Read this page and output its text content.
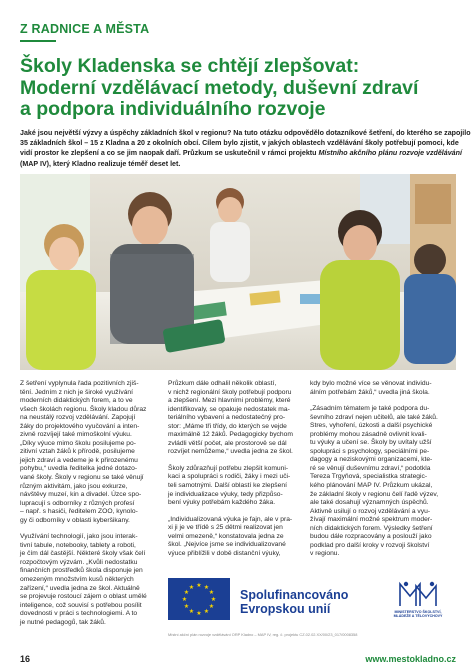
Z RADNICE A MĚSTA
Školy Kladenska se chtějí zlepšovat:
Moderní vzdělávací metody, duševní zdraví
a podpora individuálního rozvoje
Jaké jsou největší výzvy a úspěchy základních škol v regionu? Na tuto otázku odpovědělo dotazníkové šetření, do kterého se zapojilo
35 základních škol – 15 z Kladna a 20 z okolních obcí. Cílem bylo zjistit, v jakých oblastech vzdělávání školy potřebují pomoci, kde
vidí prostor ke zlepšení a co se jim naopak daří. Průzkum se uskutečnil v rámci projektu Místního akčního plánu rozvoje vzdělávání
(MAP IV), který Kladno realizuje téměř deset let.

Z šetření vyplynula řada pozitivních zjiš-
tění. Jedním z nich je široké využívání
moderních didaktických forem, a to ve
všech školách regionu. Školy kladou důraz
na neustálý rozvoj vzdělávání. Zapojují
žáky do projektového vyučování a inten-
zivně rozvíjejí také mimoškolní výuku.
„Díky výuce mimo školu posilujeme po-
zitivní vztah žáků k přírodě, posilujeme
jejich zdraví a vedeme je k přirozenému
pohybu,“ uvedla ředitelka jedné dotazo-
vané školy. Školy v regionu se také věnují
různým aktivitám, jako jsou exkurze,
návštěvy muzeí, kin a divadel. Úzce spo-
lupracují s odborníky z různých profesí
– např. s hasiči, ředitelem ZOO, kynolo-
gy či odborníky v oblasti kyberšikany.

Využívání technologií, jako jsou interak-
tivní tabule, notebooky, tablety a roboti,
je čím dál častější. Některé školy však čelí
rozpočtovým výzvám. „Kvůli nedostatku
finančních prostředků škola disponuje jen
omezeným množstvím kusů některých
zařízení,“ uvedla jedna ze škol. Aktuálně
se projevuje rostoucí zájem o oblast umělé
inteligence, což souvisí s potřebou posílit
dovednosti v práci s technologiemi. A to
je nutné pedagogů, tak žáků.

Průzkum dále odhalil několik oblastí,
v nichž regionální školy potřebují podporu
a zlepšení. Mezi hlavními problémy, které
identifikovaly, se opakuje nedostatek ma-
teriálního vybavení a nedostatečný pro-
stor: „Máme tři třídy, do kterých se vejde
maximálně 12 žáků. Pedagogicky bychom
zvládli větší počet, ale prostorově se dál
rozvíjet nemůžeme,“ uvedla jedna ze škol.

Školy zdůrazňují potřebu zlepšit komuni-
kaci a spolupráci s rodiči, žáky i mezi uči-
teli samotnými. Další oblastí ke zlepšení
je individualizace výuky, tedy přizpůso-
bení výuky potřebám každého žáka.

„Individualizovaná výuka je fajn, ale v pra-
xi ji je ve třídě s 25 dětmi realizovat jen
velmi omezeně,“ konstatovala jedna ze
škol. „Nejvíce jsme se individualizované
výuce přiblížili v době distanční výuky,

kdy bylo možné více se věnovat individu-
álním potřebám žáků,“ uvedla jiná škola.

„Zásadním tématem je také podpora du-
ševního zdraví nejen učitelů, ale také žáků.
Stres, vyhoření, úzkosti a další psychické
problémy mohou zásadně ovlivnit kvali-
tu výuky a učení se. Školy by uvítaly užší
spolupráci s psychology, speciálními pe-
dagogy a neziskovými organizacemi, kte-
ré se věnují duševnímu zdraví,“ podotkla
Tereza Trgyňová, specialistka strategic-
kého plánování MAP IV. Průzkum ukázal,
že základní školy v regionu čelí řadě výzev,
ale také dosahují významných úspěchů.
Aktivně usilují o rozvoj vzdělávání a vyu-
žívají maximální možné spektrum moder-
ních didaktických forem. Výsledky šetření
budou dále rozpracovány a poslouží jako
podklad pro další kroky v rozvoji školství
v regionu.

★ ★
★
★
★
★
★
★
★
★
★
★
Spolufinancováno
Evropskou unií	MINISTERSTVO ŠKOLSTVÍ,
MLÁDEŽE A TĚLOVÝCHOVY
Místní akční plán rozvoje vzdělávání ORP Kladno – MAP IV, reg. č. projektu CZ.02.02.XX/00/23_017/0008358
16	www.mestokladno.cz
